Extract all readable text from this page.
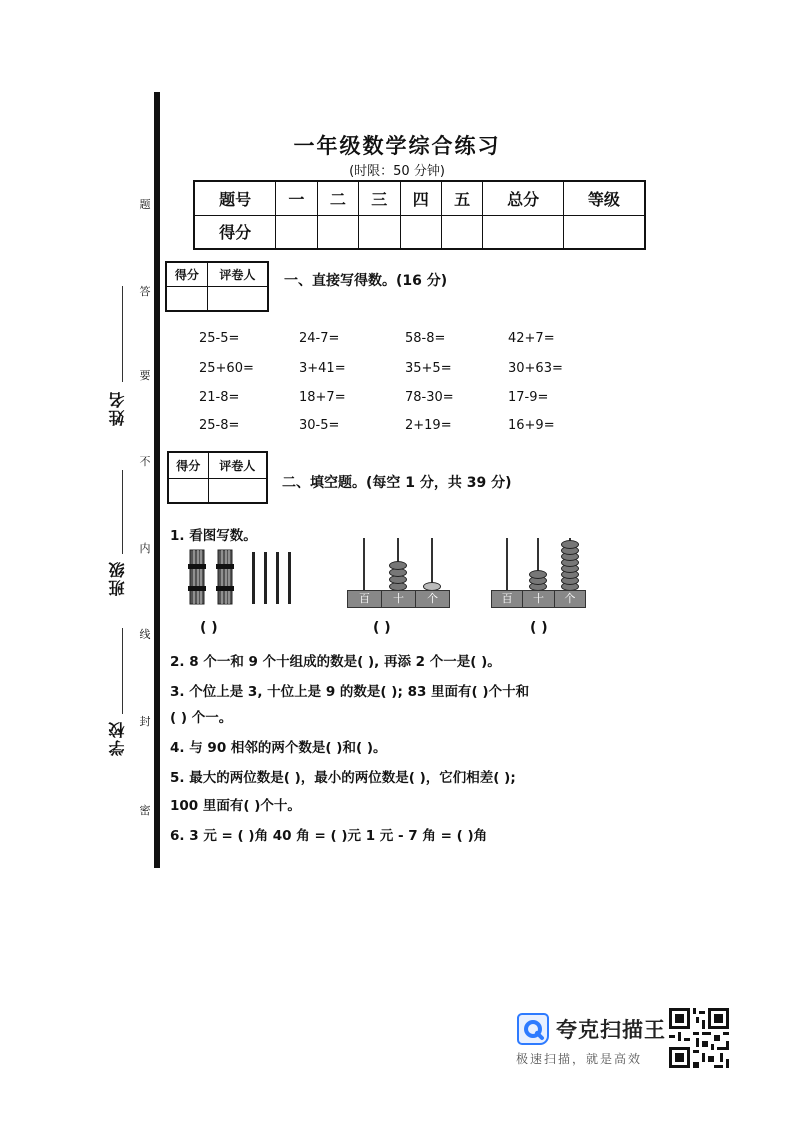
题
答
要
不
内
线
封
密
姓名
班级
学校
一年级数学综合练习
(时限：50 分钟)
题号	一	二	三	四	五	总分	等级
得分							
得分	评卷人
	一、直接写得数。(16 分)
25-5=	24-7=	58-8=	42+7=
25+60=	3+41=	35+5=	30+63=
21-8=	18+7=	78-30=	17-9=
25-8=	30-5=	2+19=	16+9=
得分	评卷人

二、填空题。(每空 1 分，共 39 分)
1. 看图写数。
( )
百	十	个
( )
百	十	个
( )
2. 8 个一和 9 个十组成的数是( ), 再添 2 个一是( )。
3. 个位上是 3, 十位上是 9 的数是( ); 83 里面有( )个十和
( ) 个一。
4. 与 90 相邻的两个数是( )和( )。
5. 最大的两位数是( )，最小的两位数是( )，它们相差( );
100 里面有( )个十。
6. 3 元 = ( )角 40 角 = ( )元 1 元 - 7 角 = ( )角
夸克扫描王
极速扫描，就是高效
